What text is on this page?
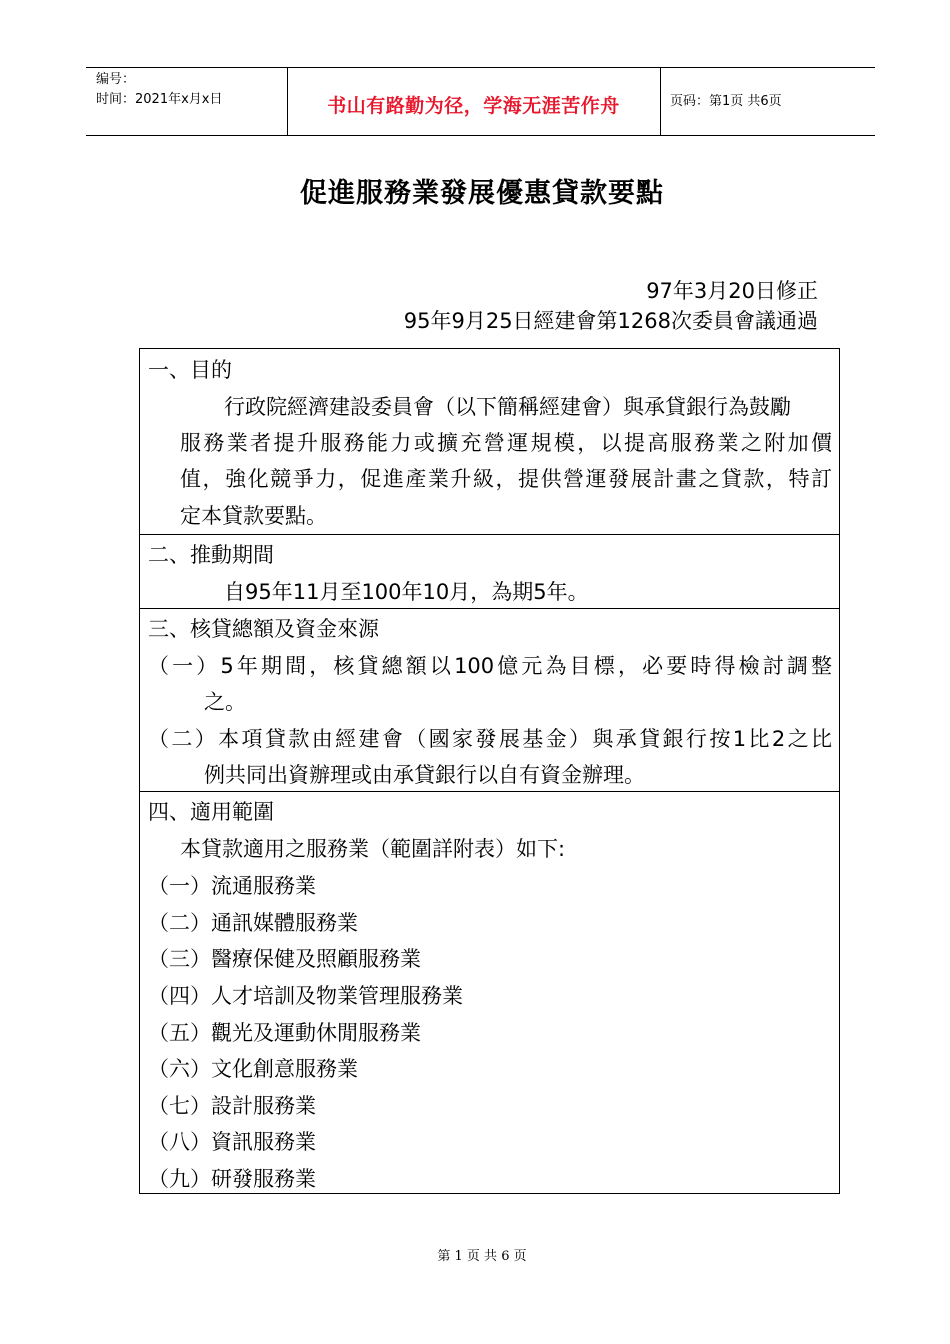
编号：
时间：2021年x月x日	书山有路勤为径，学海无涯苦作舟	页码：第1页 共6页
促進服務業發展優惠貸款要點
97年3月20日修正
95年9月25日經建會第1268次委員會議通過
一、目的
行政院經濟建設委員會（以下簡稱經建會）與承貸銀行為鼓勵
服務業者提升服務能力或擴充營運規模，以提高服務業之附加價
值，強化競爭力，促進產業升級，提供營運發展計畫之貸款，特訂
定本貸款要點。
二、推動期間
自95年11月至100年10月，為期5年。
三、核貸總額及資金來源
（一）5年期間，核貸總額以100億元為目標，必要時得檢討調整
之。
（二）本項貸款由經建會（國家發展基金）與承貸銀行按1比2之比
例共同出資辦理或由承貸銀行以自有資金辦理。
四、適用範圍
本貸款適用之服務業（範圍詳附表）如下:
（一）流通服務業
（二）通訊媒體服務業
（三）醫療保健及照顧服務業
（四）人才培訓及物業管理服務業
（五）觀光及運動休閒服務業
（六）文化創意服務業
（七）設計服務業
（八）資訊服務業
（九）研發服務業
第 1 页 共 6 页
